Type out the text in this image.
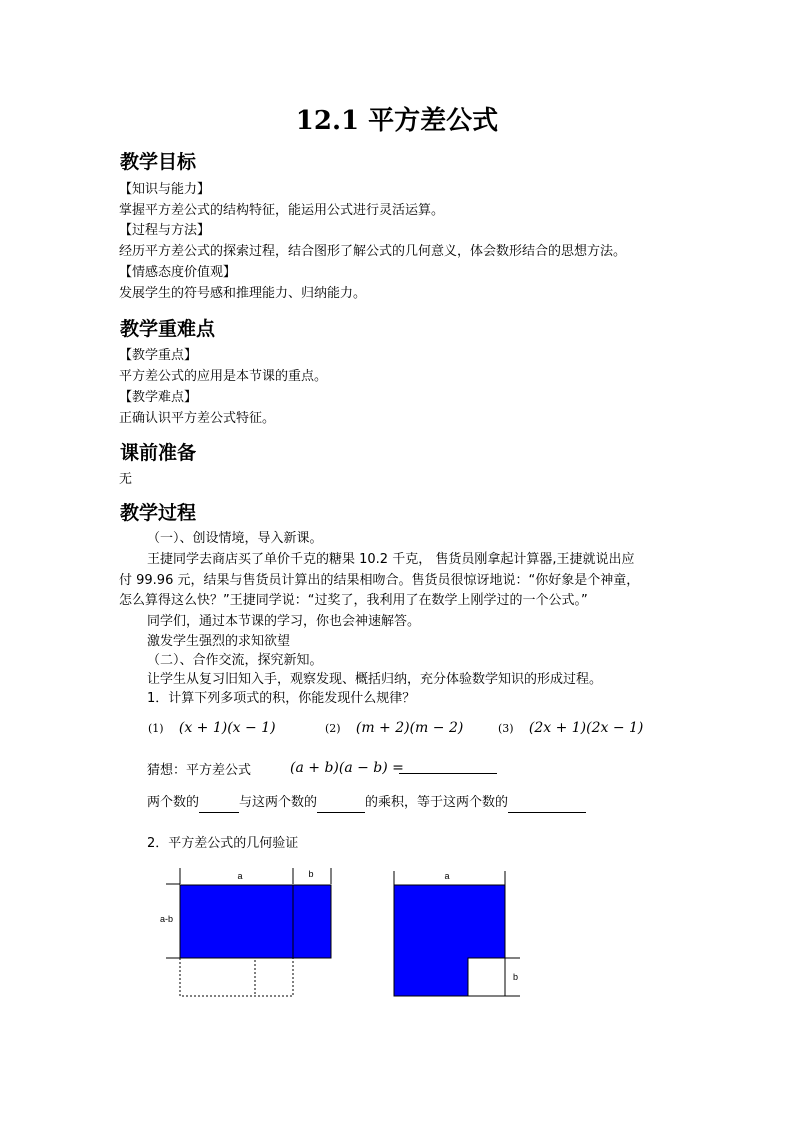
12.1 平方差公式
教学目标
【知识与能力】
掌握平方差公式的结构特征，能运用公式进行灵活运算。
【过程与方法】
经历平方差公式的探索过程，结合图形了解公式的几何意义，体会数形结合的思想方法。
【情感态度价值观】
发展学生的符号感和推理能力、归纳能力。
教学重难点
【教学重点】
平方差公式的应用是本节课的重点。
【教学难点】
正确认识平方差公式特征。
课前准备
无
教学过程
（一）、创设情境，导入新课。
王捷同学去商店买了单价千克的糖果 10.2 千克， 售货员刚拿起计算器,王捷就说出应
付 99.96 元，结果与售货员计算出的结果相吻合。售货员很惊讶地说：“你好象是个神童，
怎么算得这么快？”王捷同学说：“过奖了，我利用了在数学上刚学过的一个公式。”
同学们，通过本节课的学习，你也会神速解答。
激发学生强烈的求知欲望
（二）、合作交流，探究新知。
让学生从复习旧知入手，观察发现、概括归纳，充分体验数学知识的形成过程。
1．计算下列多项式的积，你能发现什么规律？
(1) (x + 1)(x − 1)	(2) (m + 2)(m − 2)	(3) (2x + 1)(2x − 1)
猜想：平方差公式	(a + b)(a − b) =
两个数的	与这两个数的	的乘积，等于这两个数的
2．平方差公式的几何验证
a	b
a-b
a
b
